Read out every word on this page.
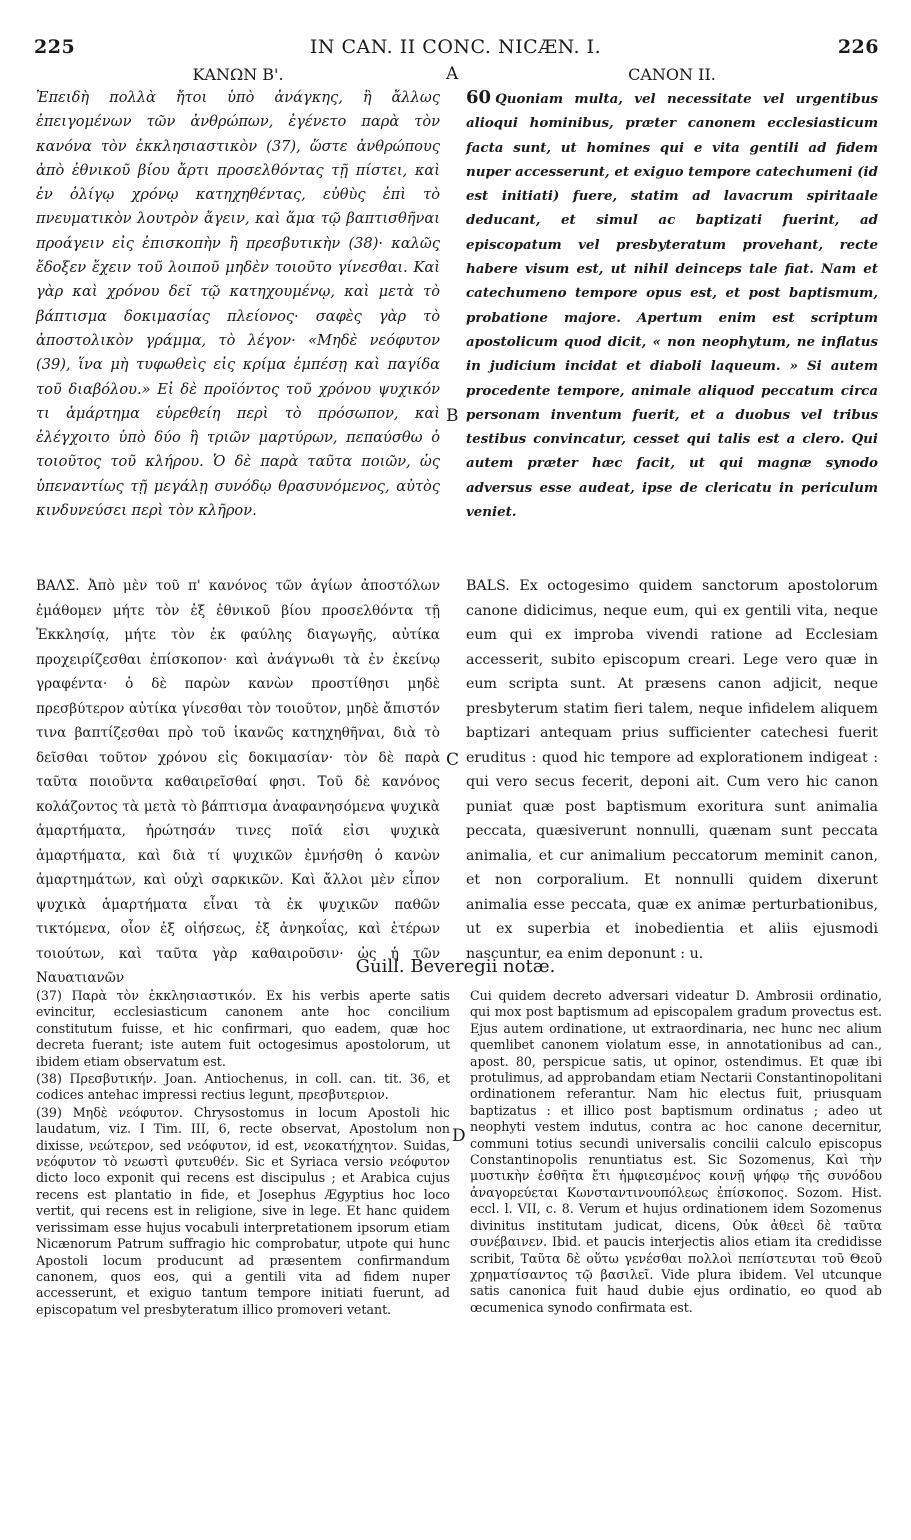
225	IN CAN. II CONC. NICÆN. I.	226
ΚΑΝΩΝ Β'.

Ἐπειδὴ πολλὰ ἤτοι ὑπὸ ἀνάγκης, ἢ ἄλλως ἐπειγομένων τῶν ἀνθρώπων, ἐγένετο παρὰ τὸν κανόνα τὸν ἐκκλησιαστικὸν (37), ὥστε ἀνθρώπους ἀπὸ ἐθνικοῦ βίου ἄρτι προσελθόντας τῇ πίστει, καὶ ἐν ὀλίγῳ χρόνῳ κατηχηθέντας, εὐθὺς ἐπὶ τὸ πνευματικὸν λουτρὸν ἄγειν, καὶ ἅμα τῷ βαπτισθῆναι προάγειν εἰς ἐπισκοπὴν ἢ πρεσβυτικὴν (38)· καλῶς ἔδοξεν ἔχειν τοῦ λοιποῦ μηδὲν τοιοῦτο γίνεσθαι. Καὶ γὰρ καὶ χρόνου δεῖ τῷ κατηχουμένῳ, καὶ μετὰ τὸ βάπτισμα δοκιμασίας πλείονος· σαφὲς γὰρ τὸ ἀποστολικὸν γράμμα, τὸ λέγον· «Μηδὲ νεόφυτον (39), ἵνα μὴ τυφωθεὶς εἰς κρίμα ἐμπέσῃ καὶ παγίδα τοῦ διαβόλου.» Εἰ δὲ προϊόντος τοῦ χρόνου ψυχικόν τι ἁμάρτημα εὑρεθείη περὶ τὸ πρόσωπον, καὶ ἐλέγχοιτο ὑπὸ δύο ἢ τριῶν μαρτύρων, πεπαύσθω ὁ τοιοῦτος τοῦ κλήρου. Ὁ δὲ παρὰ ταῦτα ποιῶν, ὡς ὑπεναντίως τῇ μεγάλῃ συνόδῳ θρασυνόμενος, αὐτὸς κινδυνεύσει περὶ τὸν κλῆρον.

CANON II.

60 Quoniam multa, vel necessitate vel urgentibus alioqui hominibus, præter canonem ecclesiasticum facta sunt, ut homines qui e vita gentili ad fidem nuper accesserunt, et exiguo tempore catechumeni (id est initiati) fuere, statim ad lavacrum spiritaale deducant, et simul ac baptizati fuerint, ad episcopatum vel presbyteratum provehant, recte habere visum est, ut nihil deinceps tale fiat. Nam et catechumeno tempore opus est, et post baptismum, probatione majore. Apertum enim est scriptum apostolicum quod dicit, « non neophytum, ne inflatus in judicium incidat et diaboli laqueum. » Si autem procedente tempore, animale aliquod peccatum circa personam inventum fuerit, et a duobus vel tribus testibus convincatur, cesset qui talis est a clero. Qui autem præter hæc facit, ut qui magnæ synodo adversus esse audeat, ipse de clericatu in periculum veniet.

A
B
C
D

ΒΑΛΣ. Ἀπὸ μὲν τοῦ π' κανόνος τῶν ἁγίων ἀποστόλων ἐμάθομεν μήτε τὸν ἐξ ἐθνικοῦ βίου προσελθόντα τῇ Ἐκκλησίᾳ, μήτε τὸν ἐκ φαύλης διαγωγῆς, αὐτίκα προχειρίζεσθαι ἐπίσκοπον· καὶ ἀνάγνωθι τὰ ἐν ἐκείνῳ γραφέντα· ὁ δὲ παρὼν κανὼν προστίθησι μηδὲ πρεσβύτερον αὐτίκα γίνεσθαι τὸν τοιοῦτον, μηδὲ ἄπιστόν τινα βαπτίζεσθαι πρὸ τοῦ ἱκανῶς κατηχηθῆναι, διὰ τὸ δεῖσθαι τοῦτον χρόνου εἰς δοκιμασίαν· τὸν δὲ παρὰ ταῦτα ποιοῦντα καθαιρεῖσθαί φησι. Τοῦ δὲ κανόνος κολάζοντος τὰ μετὰ τὸ βάπτισμα ἀναφανησόμενα ψυχικὰ ἁμαρτήματα, ἠρώτησάν τινες ποῖά εἰσι ψυχικὰ ἁμαρτήματα, καὶ διὰ τί ψυχικῶν ἐμνήσθη ὁ κανὼν ἁμαρτημάτων, καὶ οὐχὶ σαρκικῶν. Καὶ ἄλλοι μὲν εἶπον ψυχικὰ ἁμαρτήματα εἶναι τὰ ἐκ ψυχικῶν παθῶν τικτόμενα, οἷον ἐξ οἰήσεως, ἐξ ἀνηκοΐας, καὶ ἑτέρων τοιούτων, καὶ ταῦτα γὰρ καθαιροῦσιν· ὡς ἡ τῶν Ναυατιανῶν

BALS. Ex octogesimo quidem sanctorum apostolorum canone didicimus, neque eum, qui ex gentili vita, neque eum qui ex improba vivendi ratione ad Ecclesiam accesserit, subito episcopum creari. Lege vero quæ in eum scripta sunt. At præsens canon adjicit, neque presbyterum statim fieri talem, neque infidelem aliquem baptizari antequam prius sufficienter catechesi fuerit eruditus : quod hic tempore ad explorationem indigeat : qui vero secus fecerit, deponi ait. Cum vero hic canon puniat quæ post baptismum exoritura sunt animalia peccata, quæsiverunt nonnulli, quænam sunt peccata animalia, et cur animalium peccatorum meminit canon, et non corporalium. Et nonnulli quidem dixerunt animalia esse peccata, quæ ex animæ perturbationibus, ut ex superbia et inobedientia et aliis ejusmodi nascuntur, ea enim deponunt : u.

Guill. Beveregii notæ.

(37) Παρὰ τὸν ἐκκλησιαστικόν. Ex his verbis aperte satis evincitur, ecclesiasticum canonem ante hoc concilium constitutum fuisse, et hic confirmari, quo eadem, quæ hoc decreta fuerant; iste autem fuit octogesimus apostolorum, ut ibidem etiam observatum est.

(38) Πρεσβυτικήν. Joan. Antiochenus, in coll. can. tit. 36, et codices antehac impressi rectius legunt, πρεσβυτεριον.

(39) Μηδὲ νεόφυτον. Chrysostomus in locum Apostoli hic laudatum, viz. I Tim. III, 6, recte observat, Apostolum non dixisse, νεώτερον, sed νεόφυτον, id est, νεοκατήχητον. Suidas, νεόφυτον τὸ νεωστὶ φυτευθέν. Sic et Syriaca versio νεόφυτον dicto loco exponit qui recens est discipulus ; et Arabica cujus recens est plantatio in fide, et Josephus Ægyptius hoc loco vertit, qui recens est in religione, sive in lege. Et hanc quidem verissimam esse hujus vocabuli interpretationem ipsorum etiam Nicænorum Patrum suffragio hic comprobatur, utpote qui hunc Apostoli locum producunt ad præsentem confirmandum canonem, quos eos, qui a gentili vita ad fidem nuper accesserunt, et exiguo tantum tempore initiati fuerunt, ad episcopatum vel presbyteratum illico promoveri vetant.

Cui quidem decreto adversari videatur D. Ambrosii ordinatio, qui mox post baptismum ad episcopalem gradum provectus est. Ejus autem ordinatione, ut extraordinaria, nec hunc nec alium quemlibet canonem violatum esse, in annotationibus ad can., apost. 80, perspicue satis, ut opinor, ostendimus. Et quæ ibi protulimus, ad approbandam etiam Nectarii Constantinopolitani ordinationem referantur. Nam hic electus fuit, priusquam baptizatus : et illico post baptismum ordinatus ; adeo ut neophyti vestem indutus, contra ac hoc canone decernitur, communi totius secundi universalis concilii calculo episcopus Constantinopolis renuntiatus est. Sic Sozomenus, Καὶ τὴν μυστικὴν ἐσθῆτα ἔτι ἠμφιεσμένος κοινῇ ψήφῳ τῆς συνόδου ἀναγορεύεται Κωνσταντινουπόλεως ἐπίσκοπος. Sozom. Hist. eccl. l. VII, c. 8. Verum et hujus ordinationem idem Sozomenus divinitus institutam judicat, dicens, Οὐκ ἀθεεὶ δὲ ταῦτα συνέβαινεν. Ibid. et paucis interjectis alios etiam ita credidisse scribit, Ταῦτα δὲ οὕτω γενέσθαι πολλοὶ πεπίστευται τοῦ Θεοῦ χρηματίσαντος τῷ βασιλεῖ. Vide plura ibidem. Vel utcunque satis canonica fuit haud dubie ejus ordinatio, eo quod ab œcumenica synodo confirmata est.
